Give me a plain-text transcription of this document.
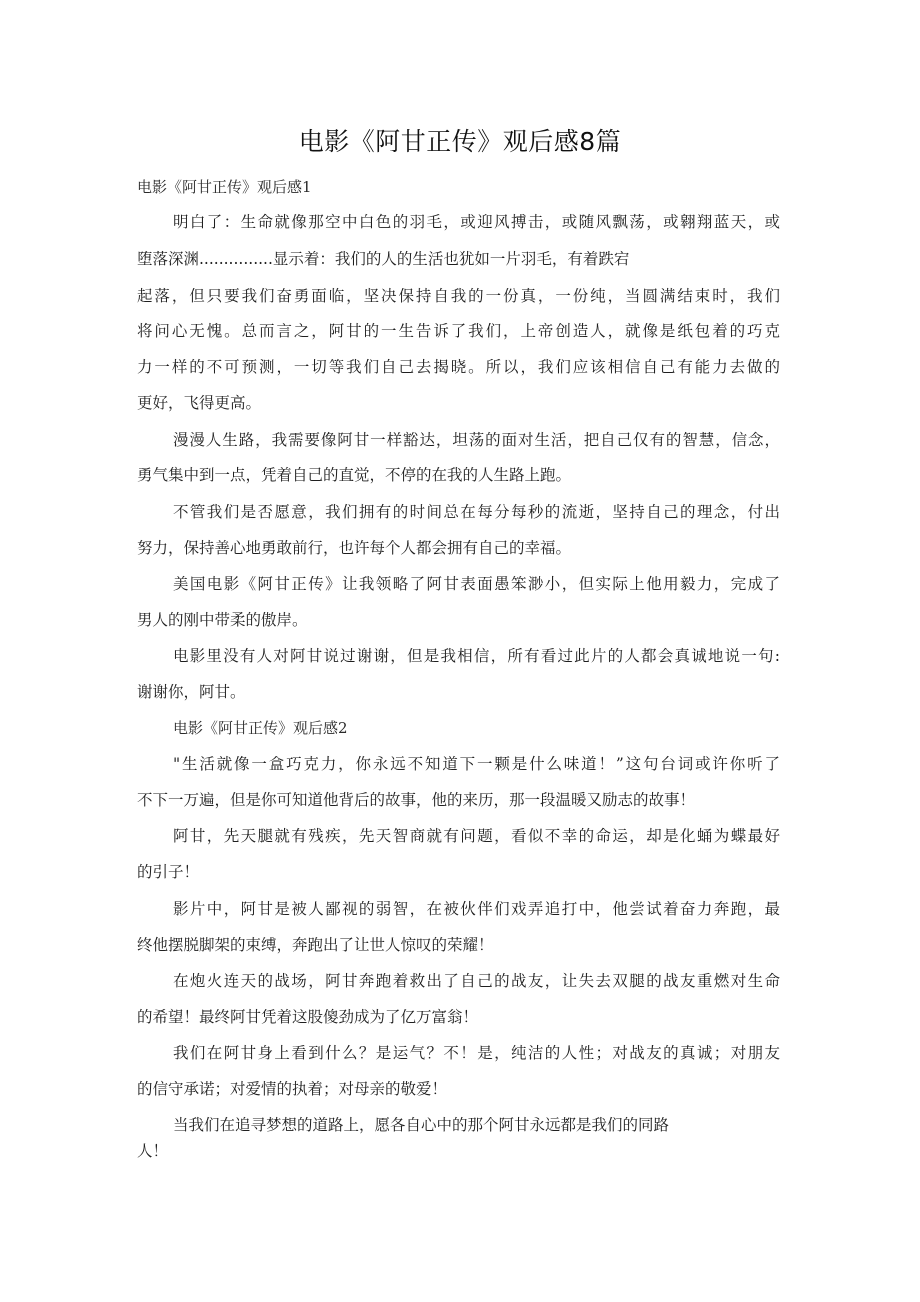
电影《阿甘正传》观后感8篇
电影《阿甘正传》观后感1
明白了：生命就像那空中白色的羽毛，或迎风搏击，或随风飘荡，或翱翔蓝天，或
堕落深渊...............显示着：我们的人的生活也犹如一片羽毛，有着跌宕
起落，但只要我们奋勇面临，坚决保持自我的一份真，一份纯，当圆满结束时，我们
将问心无愧。总而言之，阿甘的一生告诉了我们，上帝创造人，就像是纸包着的巧克
力一样的不可预测，一切等我们自己去揭晓。所以，我们应该相信自己有能力去做的
更好，飞得更高。
漫漫人生路，我需要像阿甘一样豁达，坦荡的面对生活，把自己仅有的智慧，信念，
勇气集中到一点，凭着自己的直觉，不停的在我的人生路上跑。
不管我们是否愿意，我们拥有的时间总在每分每秒的流逝，坚持自己的理念，付出
努力，保持善心地勇敢前行，也许每个人都会拥有自己的幸福。
美国电影《阿甘正传》让我领略了阿甘表面愚笨渺小，但实际上他用毅力，完成了
男人的刚中带柔的傲岸。
电影里没有人对阿甘说过谢谢，但是我相信，所有看过此片的人都会真诚地说一句:
谢谢你，阿甘。
电影《阿甘正传》观后感2
"生活就像一盒巧克力，你永远不知道下一颗是什么味道！”这句台词或许你听了
不下一万遍，但是你可知道他背后的故事，他的来历，那一段温暖又励志的故事！
阿甘，先天腿就有残疾，先天智商就有问题，看似不幸的命运，却是化蛹为蝶最好
的引子！
影片中，阿甘是被人鄙视的弱智，在被伙伴们戏弄追打中，他尝试着奋力奔跑，最
终他摆脱脚架的束缚，奔跑出了让世人惊叹的荣耀！
在炮火连天的战场，阿甘奔跑着救出了自己的战友，让失去双腿的战友重燃对生命
的希望！最终阿甘凭着这股傻劲成为了亿万富翁！
我们在阿甘身上看到什么？是运气？不！是，纯洁的人性；对战友的真诚；对朋友
的信守承诺；对爱情的执着；对母亲的敬爱！
当我们在追寻梦想的道路上，愿各自心中的那个阿甘永远都是我们的同路
人！
